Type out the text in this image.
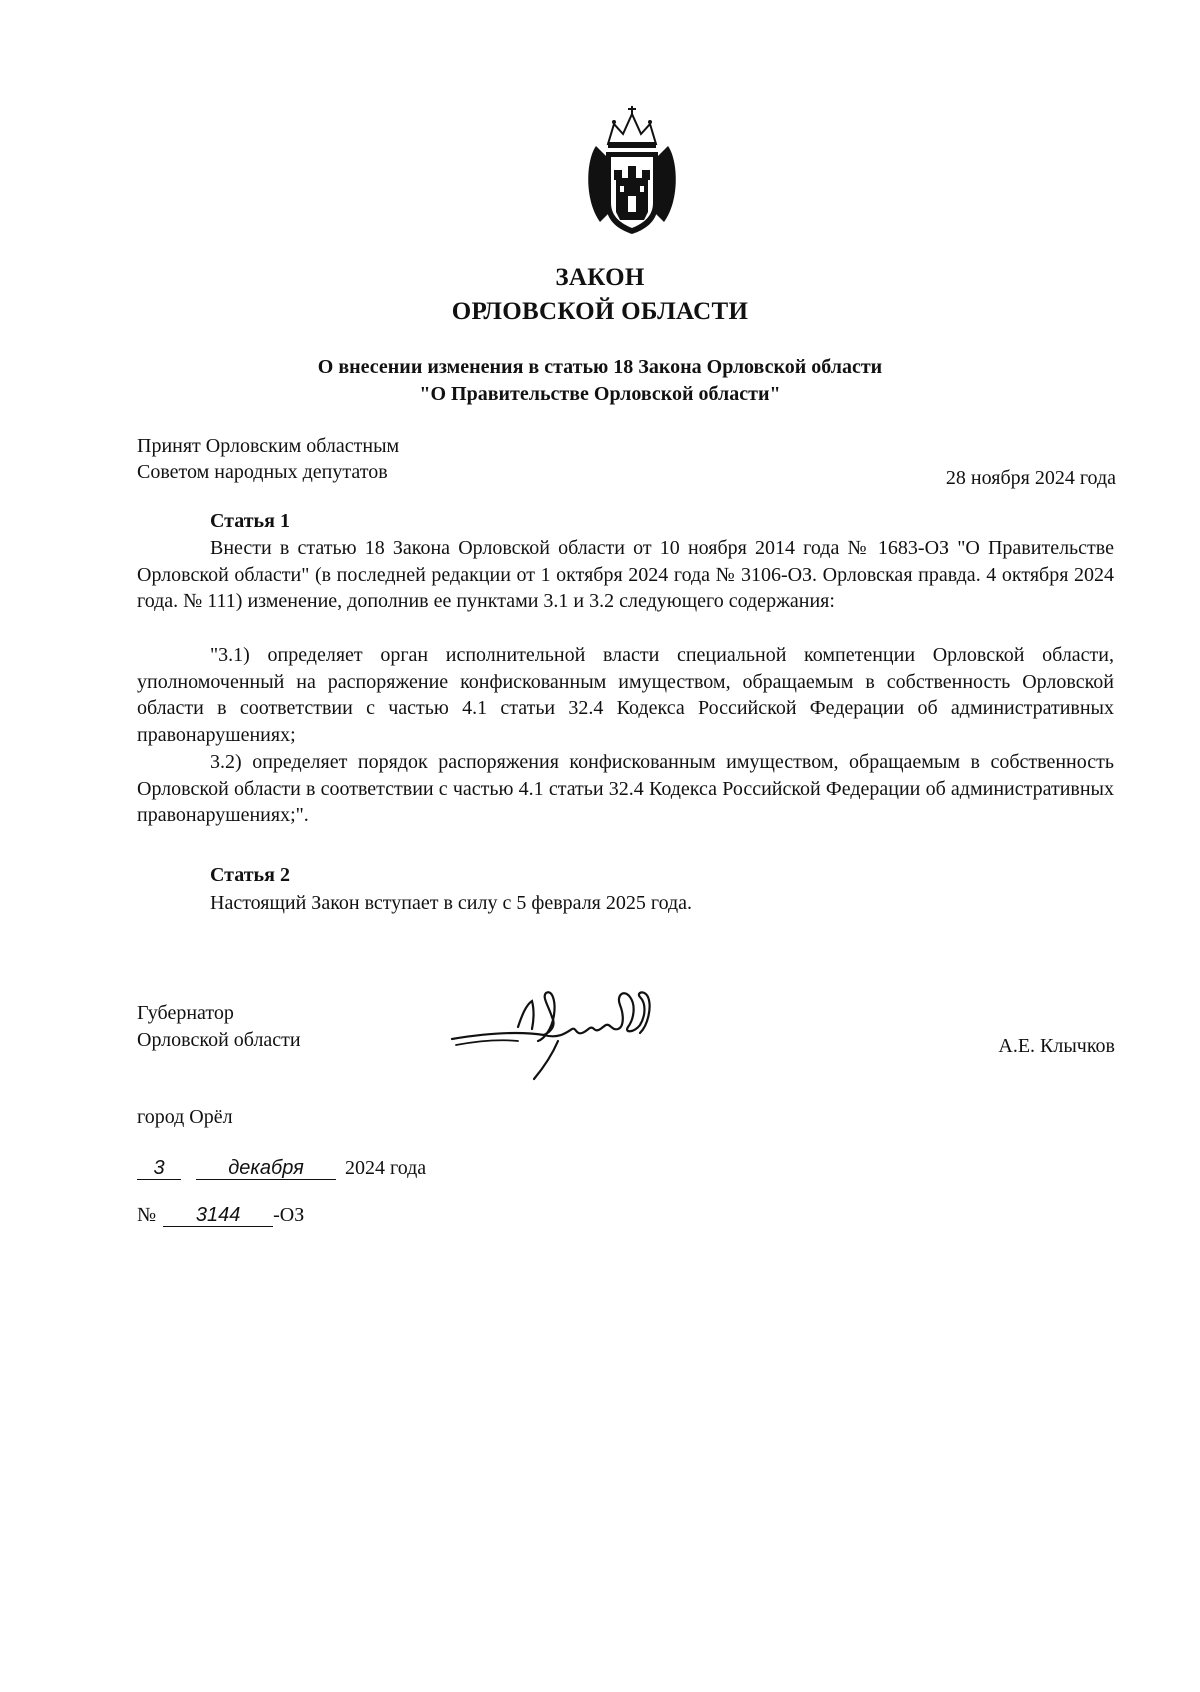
ЗАКОН
ОРЛОВСКОЙ ОБЛАСТИ
О внесении изменения в статью 18 Закона Орловской области
"О Правительстве Орловской области"
Принят Орловским областным
Советом народных депутатов	28 ноября 2024 года
Статья 1
Внести в статью 18 Закона Орловской области от 10 ноября 2014 года № 1683-ОЗ "О Правительстве Орловской области" (в последней редакции от 1 октября 2024 года № 3106-ОЗ. Орловская правда. 4 октября 2024 года. № 111) изменение, дополнив ее пунктами 3.1 и 3.2 следующего содержания:
"3.1) определяет орган исполнительной власти специальной компетенции Орловской области, уполномоченный на распоряжение конфискованным имуществом, обращаемым в собственность Орловской области в соответствии с частью 4.1 статьи 32.4 Кодекса Российской Федерации об административных правонарушениях;
3.2) определяет порядок распоряжения конфискованным имуществом, обращаемым в собственность Орловской области в соответствии с частью 4.1 статьи 32.4 Кодекса Российской Федерации об административных правонарушениях;".
Статья 2
Настоящий Закон вступает в силу с 5 февраля 2025 года.
Губернатор
Орловской области	А.Е. Клычков
город Орёл
3	декабря 2024 года
№ 3144 -ОЗ
